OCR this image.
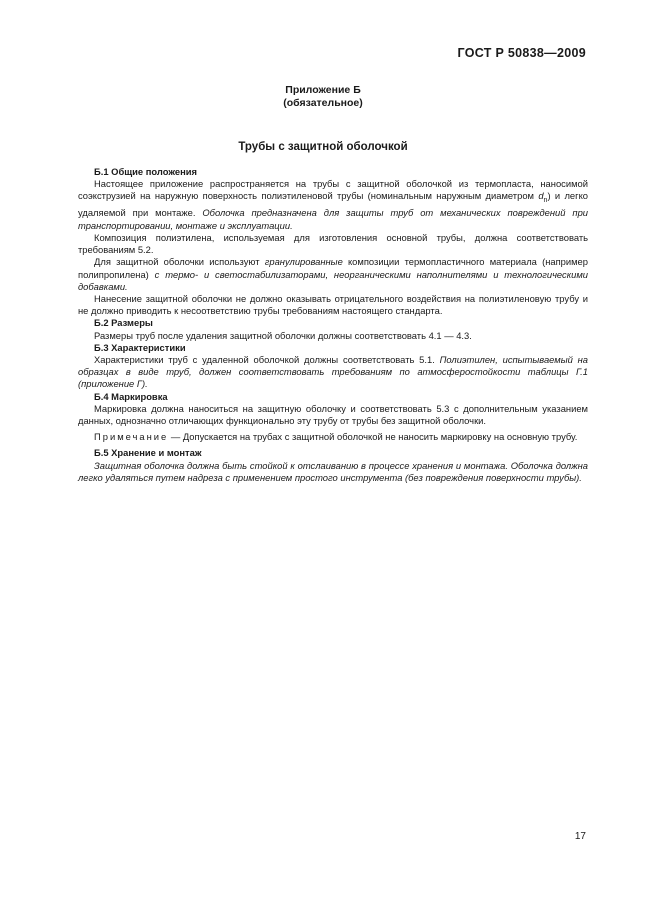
ГОСТ Р 50838—2009
Приложение Б
(обязательное)
Трубы с защитной оболочкой
Б.1 Общие положения

Настоящее приложение распространяется на трубы с защитной оболочкой из термопласта, наносимой соэкструзией на наружную поверхность полиэтиленовой трубы (номинальным наружным диаметром $d_n$) и легко удаляемой при монтаже. Оболочка предназначена для защиты труб от механических повреждений при транспортировании, монтаже и эксплуатации.

Композиция полиэтилена, используемая для изготовления основной трубы, должна соответствовать требованиям 5.2.

Для защитной оболочки используют гранулированные композиции термопластичного материала (например полипропилена) с термо- и светостабилизаторами, неорганическими наполнителями и технологическими добавками.

Нанесение защитной оболочки не должно оказывать отрицательного воздействия на полиэтиленовую трубу и не должно приводить к несоответствию трубы требованиям настоящего стандарта.

Б.2 Размеры

Размеры труб после удаления защитной оболочки должны соответствовать 4.1 — 4.3.

Б.3 Характеристики

Характеристики труб с удаленной оболочкой должны соответствовать 5.1. Полиэтилен, испытываемый на образцах в виде труб, должен соответствовать требованиям по атмосферостойкости таблицы Г.1 (приложение Г).

Б.4 Маркировка

Маркировка должна наноситься на защитную оболочку и соответствовать 5.3 с дополнительным указанием данных, однозначно отличающих функционально эту трубу от трубы без защитной оболочки.

Примечание — Допускается на трубах с защитной оболочкой не наносить маркировку на основную трубу.

Б.5 Хранение и монтаж

Защитная оболочка должна быть стойкой к отслаиванию в процессе хранения и монтажа. Оболочка должна легко удаляться путем надреза с применением простого инструмента (без повреждения поверхности трубы).

17
